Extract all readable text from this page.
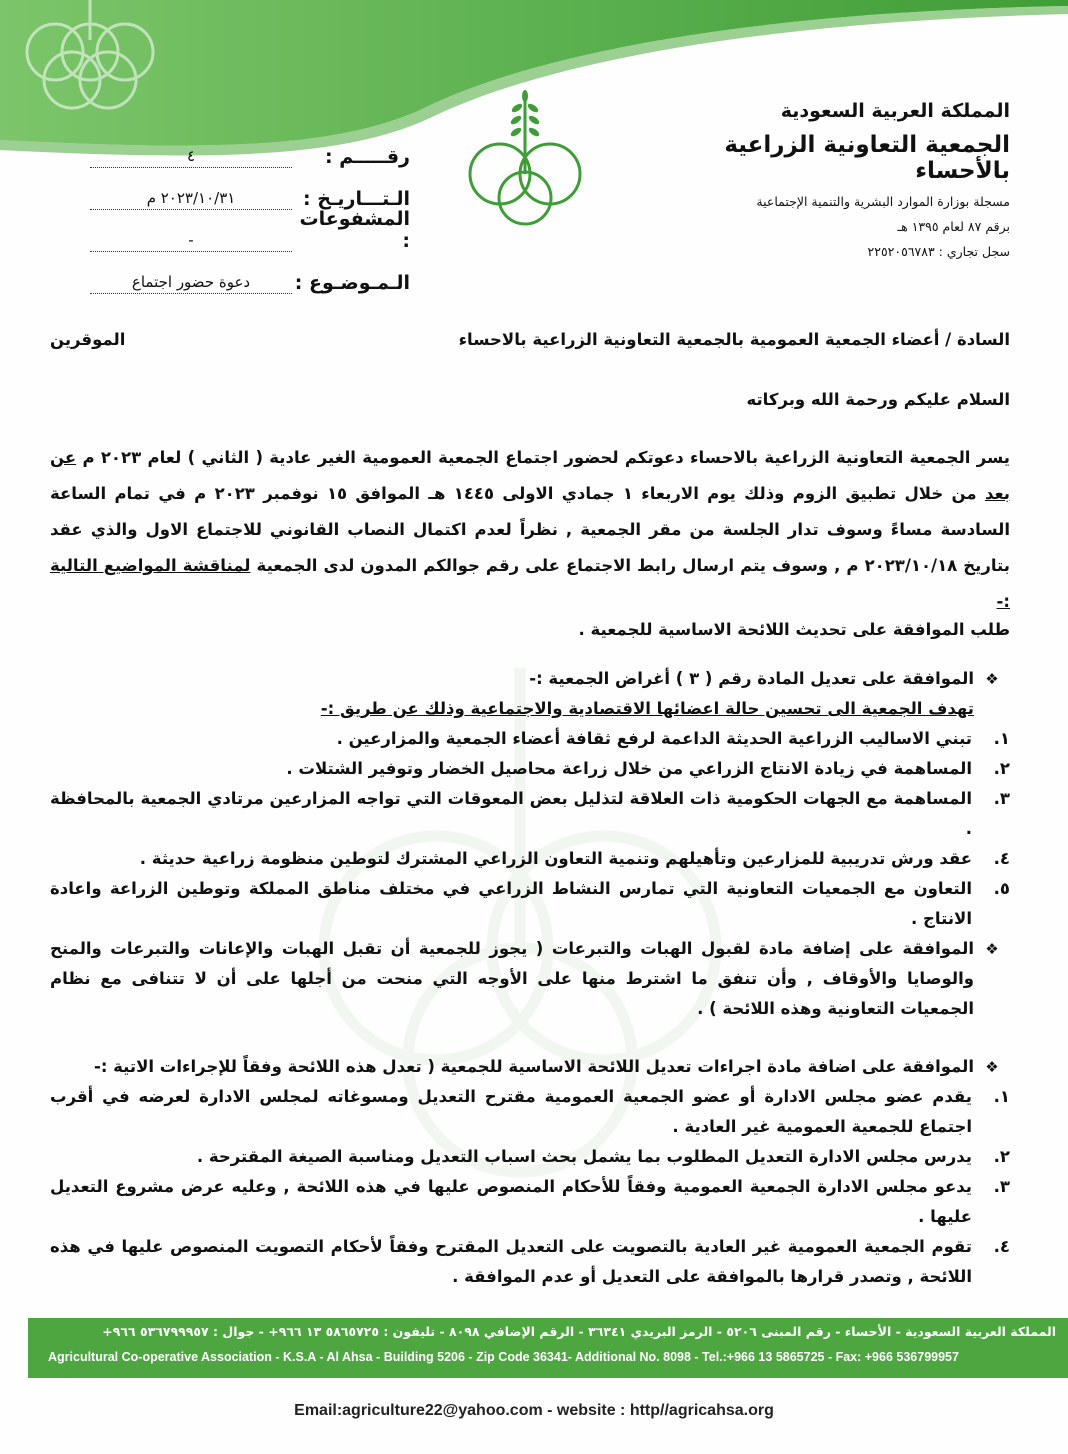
المملكة العربية السعودية
الجمعية التعاونية الزراعية بالأحساء
مسجلة بوزارة الموارد البشرية والتنمية الإجتماعية
برقم ٨٧ لعام ١٣٩٥ هـ
سجل تجاري : ٢٢٥٢٠٥٦٧٨٣
رقـــــم :
٤
الـتـــاريـخ :
٢٠٢٣/١٠/٣١ م
المشفوعات :
-
الـمـوضـوع :
دعوة حضور اجتماع
السادة / أعضاء الجمعية العمومية بالجمعية التعاونية الزراعية بالاحساء
الموقرين
السلام عليكم ورحمة الله وبركاته
يسر الجمعية التعاونية الزراعية بالاحساء دعوتكم لحضور اجتماع الجمعية العمومية الغير عادية ( الثاني ) لعام ٢٠٢٣ م عن بعد من خلال تطبيق الزوم وذلك يوم الاربعاء ١ جمادي الاولى ١٤٤٥ هـ الموافق ١٥ نوفمبر ٢٠٢٣ م في تمام الساعة السادسة مساءً وسوف تدار الجلسة من مقر الجمعية , نظراً لعدم اكتمال النصاب القانوني للاجتماع الاول والذي عقد بتاريخ ٢٠٢٣/١٠/١٨ م , وسوف يتم ارسال رابط الاجتماع على رقم جوالكم المدون لدى الجمعية لمناقشة المواضيع التالية :-
طلب الموافقة على تحديث اللائحة الاساسية للجمعية .
❖
الموافقة على تعديل المادة رقم ( ٣ ) أغراض الجمعية :-
تهدف الجمعية الى تحسين حالة اعضائها الاقتصادية والاجتماعية وذلك عن طريق :-
١.
تبني الاساليب الزراعية الحديثة الداعمة لرفع ثقافة أعضاء الجمعية والمزارعين .
٢.
المساهمة في زيادة الانتاج الزراعي من خلال زراعة محاصيل الخضار وتوفير الشتلات .
٣.
المساهمة مع الجهات الحكومية ذات العلاقة لتذليل بعض المعوقات التي تواجه المزارعين مرتادي الجمعية بالمحافظة .
٤.
عقد ورش تدريبية للمزارعين وتأهيلهم وتنمية التعاون الزراعي المشترك لتوطين منظومة زراعية حديثة .
٥.
التعاون مع الجمعيات التعاونية التي تمارس النشاط الزراعي في مختلف مناطق المملكة وتوطين الزراعة واعادة الانتاج .
❖
الموافقة على إضافة مادة لقبول الهبات والتبرعات ( يجوز للجمعية أن تقبل الهبات والإعانات والتبرعات والمنح والوصايا والأوقاف , وأن تنفق ما اشترط منها على الأوجه التي منحت من أجلها على أن لا تتنافى مع نظام الجمعيات التعاونية وهذه اللائحة ) .
❖
الموافقة على اضافة مادة اجراءات تعديل اللائحة الاساسية للجمعية ( تعدل هذه اللائحة وفقاً للإجراءات الاتية :-
١.
يقدم عضو مجلس الادارة أو عضو الجمعية العمومية مقترح التعديل ومسوغاته لمجلس الادارة لعرضه في أقرب اجتماع للجمعية العمومية غير العادية .
٢.
يدرس مجلس الادارة التعديل المطلوب بما يشمل بحث اسباب التعديل ومناسبة الصيغة المقترحة .
٣.
يدعو مجلس الادارة الجمعية العمومية وفقاً للأحكام المنصوص عليها في هذه اللائحة , وعليه عرض مشروع التعديل عليها .
٤.
تقوم الجمعية العمومية غير العادية بالتصويت على التعديل المقترح وفقاً لأحكام التصويت المنصوص عليها في هذه اللائحة , وتصدر قرارها بالموافقة على التعديل أو عدم الموافقة .
المملكة العربية السعودية - الأحساء - رقم المبنى ٥٢٠٦ - الرمز البريدي ٣٦٣٤١ - الرقم الإضافي ٨٠٩٨ - تليفون : ٥٨٦٥٧٢٥ ١٣ ٩٦٦+ - جوال : ٥٣٦٧٩٩٩٥٧ ٩٦٦+
Agricultural Co-operative Association - K.S.A - Al Ahsa - Building 5206 - Zip Code 36341- Additional No. 8098 - Tel.:+966 13 5865725 - Fax: +966 536799957
Email:agriculture22@yahoo.com - website : http//agricahsa.org
